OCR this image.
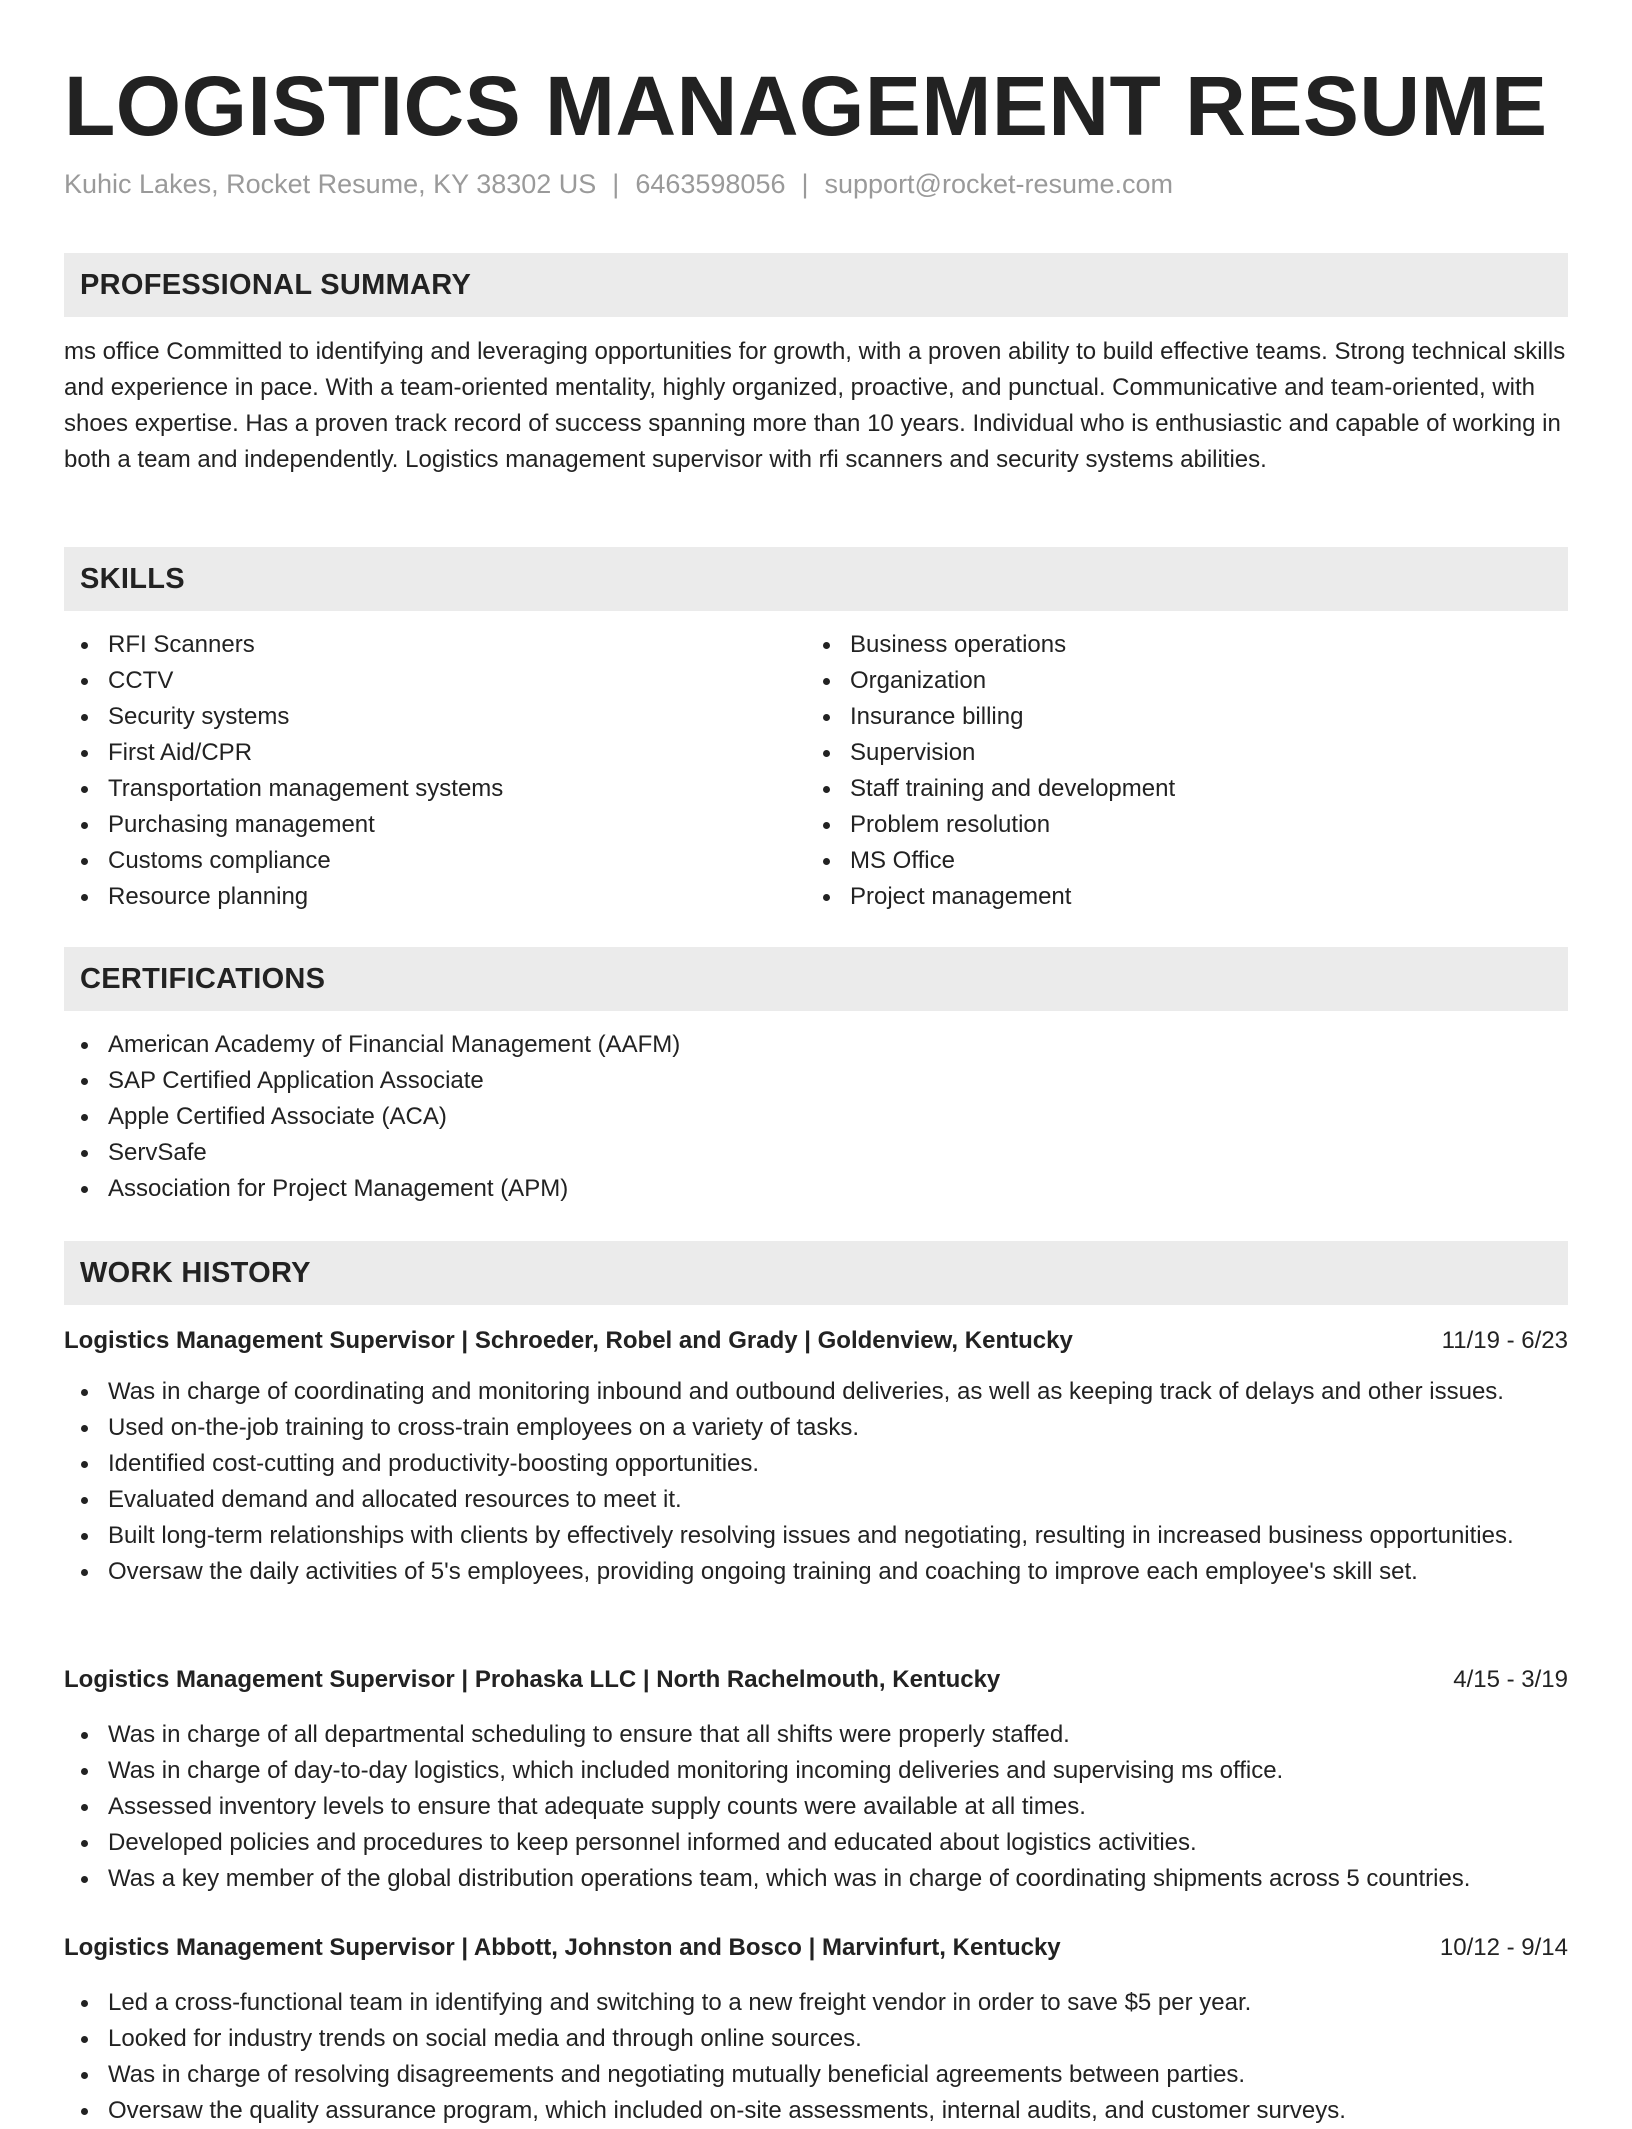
LOGISTICS MANAGEMENT RESUME
Kuhic Lakes, Rocket Resume, KY 38302 US | 6463598056 | support@rocket-resume.com
PROFESSIONAL SUMMARY

ms office Committed to identifying and leveraging opportunities for growth, with a proven ability to build effective teams. Strong technical skills and experience in pace. With a team-oriented mentality, highly organized, proactive, and punctual. Communicative and team-oriented, with shoes expertise. Has a proven track record of success spanning more than 10 years. Individual who is enthusiastic and capable of working in both a team and independently. Logistics management supervisor with rfi scanners and security systems abilities.

SKILLS
RFI Scanners
CCTV
Security systems
First Aid/CPR
Transportation management systems
Purchasing management
Customs compliance
Resource planning
Business operations
Organization
Insurance billing
Supervision
Staff training and development
Problem resolution
MS Office
Project management
CERTIFICATIONS
American Academy of Financial Management (AAFM)
SAP Certified Application Associate
Apple Certified Associate (ACA)
ServSafe
Association for Project Management (APM)
WORK HISTORY
Logistics Management Supervisor | Schroeder, Robel and Grady | Goldenview, Kentucky	11/19 - 6/23
Was in charge of coordinating and monitoring inbound and outbound deliveries, as well as keeping track of delays and other issues.
Used on-the-job training to cross-train employees on a variety of tasks.
Identified cost-cutting and productivity-boosting opportunities.
Evaluated demand and allocated resources to meet it.
Built long-term relationships with clients by effectively resolving issues and negotiating, resulting in increased business opportunities.
Oversaw the daily activities of 5's employees, providing ongoing training and coaching to improve each employee's skill set.
Logistics Management Supervisor | Prohaska LLC | North Rachelmouth, Kentucky	4/15 - 3/19
Was in charge of all departmental scheduling to ensure that all shifts were properly staffed.
Was in charge of day-to-day logistics, which included monitoring incoming deliveries and supervising ms office.
Assessed inventory levels to ensure that adequate supply counts were available at all times.
Developed policies and procedures to keep personnel informed and educated about logistics activities.
Was a key member of the global distribution operations team, which was in charge of coordinating shipments across 5 countries.
Logistics Management Supervisor | Abbott, Johnston and Bosco | Marvinfurt, Kentucky	10/12 - 9/14
Led a cross-functional team in identifying and switching to a new freight vendor in order to save $5 per year.
Looked for industry trends on social media and through online sources.
Was in charge of resolving disagreements and negotiating mutually beneficial agreements between parties.
Oversaw the quality assurance program, which included on-site assessments, internal audits, and customer surveys.
